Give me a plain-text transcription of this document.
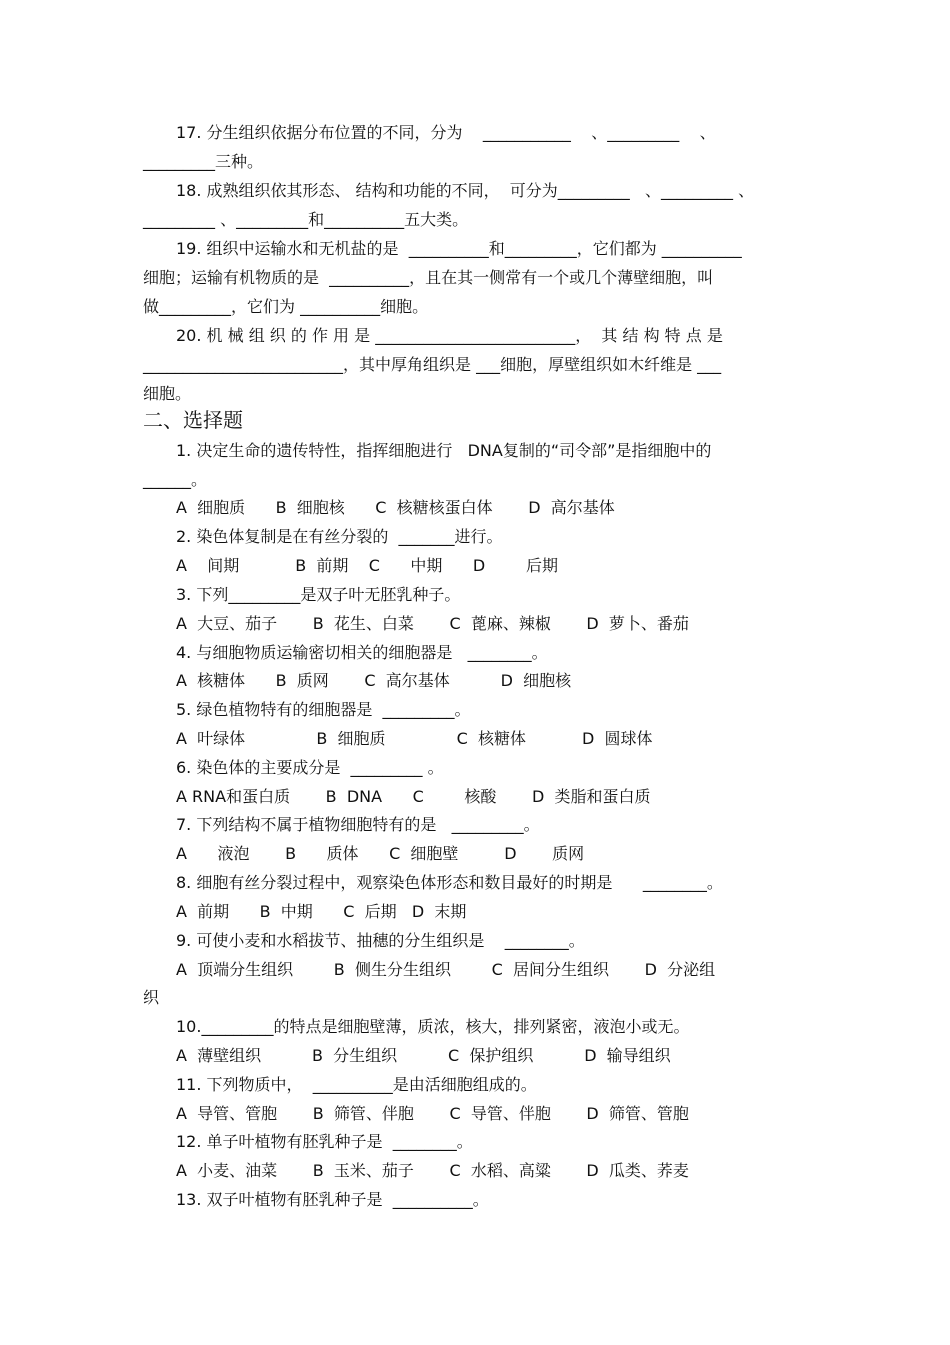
17. 分生组织依据分布位置的不同，分为    ___________    、_________    、
_________三种。
18. 成熟组织依其形态、 结构和功能的不同，  可分为_________   、_________ 、
_________ 、_________和__________五大类。
19. 组织中运输水和无机盐的是  __________和_________，它们都为 __________
细胞；运输有机物质的是  __________，且在其一侧常有一个或几个薄壁细胞，叫
做_________，它们为 __________细胞。
20. 机 械 组 织 的 作 用 是 _________________________，  其 结 构 特 点 是
_________________________，其中厚角组织是 ___细胞，厚壁组织如木纤维是 ___
细胞。
二、选择题
1. 决定生命的遗传特性，指挥细胞进行   DNA复制的“司令部”是指细胞中的
______。
A  细胞质      B  细胞核      C  核糖核蛋白体       D  高尔基体
2. 染色体复制是在有丝分裂的  _______进行。
A    间期           B  前期    C      中期      D        后期
3. 下列_________是双子叶无胚乳种子。
A  大豆、茄子       B  花生、白菜       C  蓖麻、辣椒       D  萝卜、番茄
4. 与细胞物质运输密切相关的细胞器是   ________。
A  核糖体      B  质网       C  高尔基体          D  细胞核
5. 绿色植物特有的细胞器是  _________。
A  叶绿体              B  细胞质              C  核糖体           D  圆球体
6. 染色体的主要成分是  _________ 。
A RNA和蛋白质       B  DNA      C        核酸       D  类脂和蛋白质
7. 下列结构不属于植物细胞特有的是   _________。
A      液泡       B      质体      C  细胞壁         D       质网
8. 细胞有丝分裂过程中，观察染色体形态和数目最好的时期是      ________。
A  前期      B  中期      C  后期   D  末期
9. 可使小麦和水稻拔节、抽穗的分生组织是    ________。
A  顶端分生组织        B  侧生分生组织        C  居间分生组织       D  分泌组
织
10._________的特点是细胞壁薄，质浓，核大，排列紧密，液泡小或无。
A  薄壁组织          B  分生组织          C  保护组织          D  输导组织
11. 下列物质中，  __________是由活细胞组成的。
A  导管、管胞       B  筛管、伴胞       C  导管、伴胞       D  筛管、管胞
12. 单子叶植物有胚乳种子是  ________。
A  小麦、油菜       B  玉米、茄子       C  水稻、高粱       D  瓜类、荞麦
13. 双子叶植物有胚乳种子是  __________。
